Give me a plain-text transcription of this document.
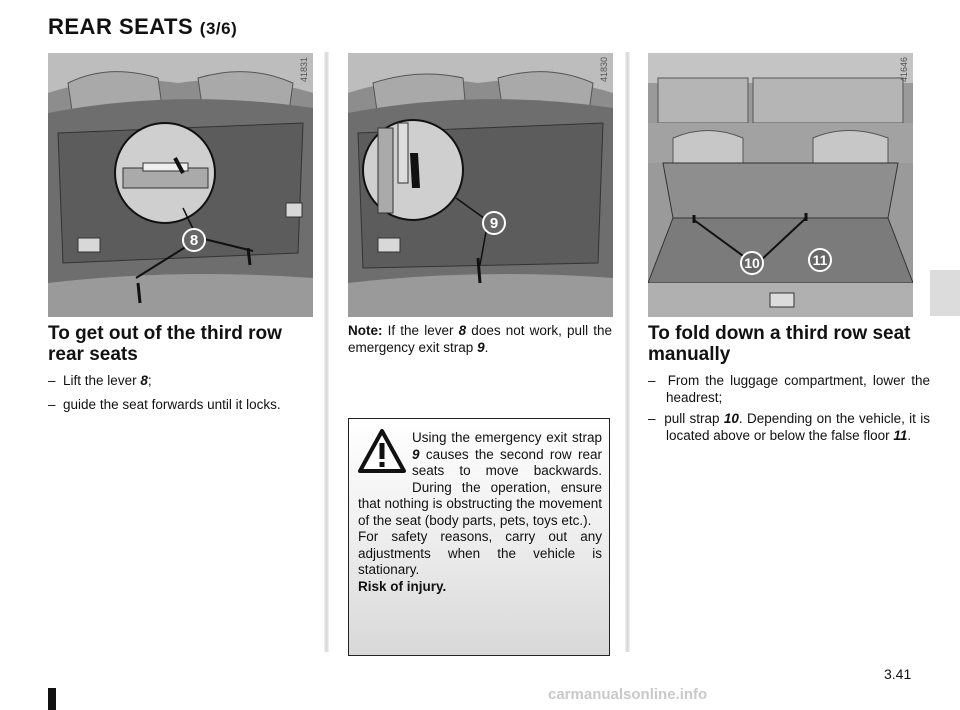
REAR SEATS (3/6)
8
41831
9
41830
10	11
41646
To get out of the third row
rear seats
– Lift the lever 8;
– guide the seat forwards until it locks.
Note: If the lever 8 does not work, pull the emergency exit strap 9.
Using the emergency exit strap 9 causes the second row rear seats to move backwards. During the operation, ensure that nothing is obstructing the movement of the seat (body parts, pets, toys etc.).
For safety reasons, carry out any adjustments when the vehicle is stationary.
Risk of injury.
To fold down a third row seat
manually
– From the luggage compartment, lower the headrest;
– pull strap 10. Depending on the vehicle, it is located above or below the false floor 11.
3.41
carmanualsonline.info
